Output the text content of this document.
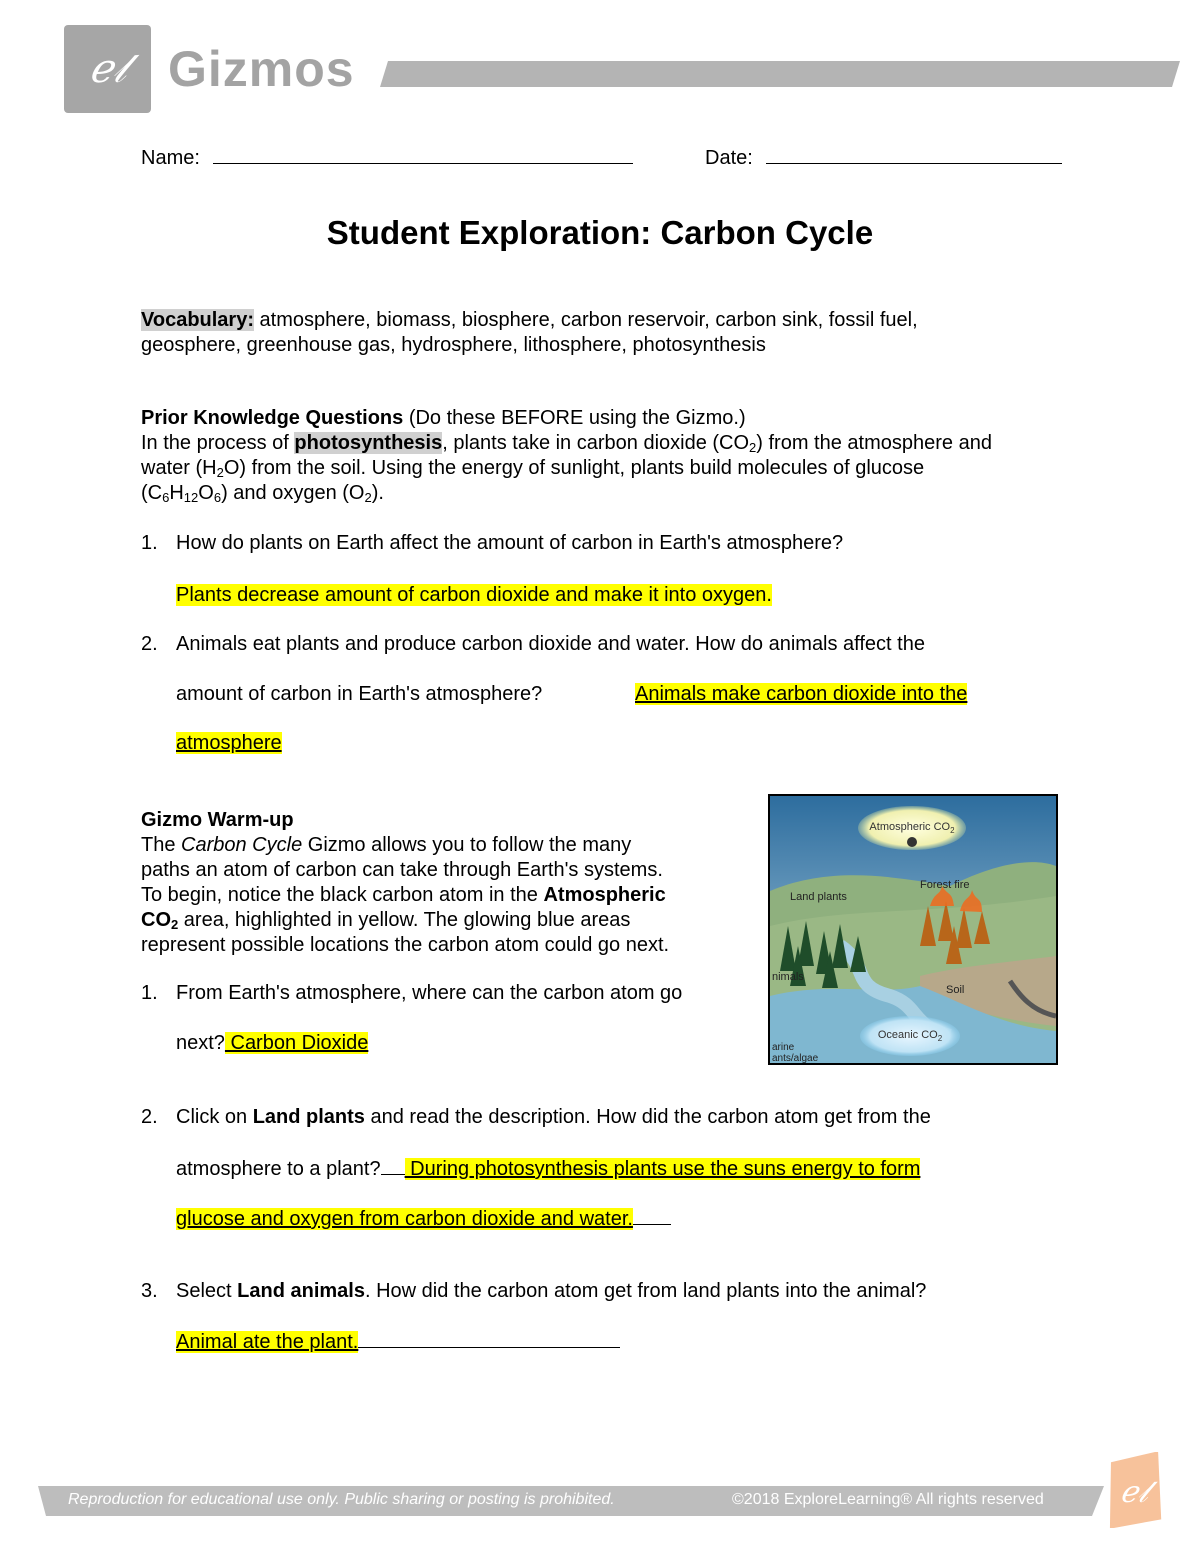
ℯ𝓁 Gizmos
Name:	Date:
Student Exploration: Carbon Cycle
Vocabulary: atmosphere, biomass, biosphere, carbon reservoir, carbon sink, fossil fuel,
geosphere, greenhouse gas, hydrosphere, lithosphere, photosynthesis
Prior Knowledge Questions (Do these BEFORE using the Gizmo.)
In the process of photosynthesis, plants take in carbon dioxide $(CO_2)$ from the atmosphere and
water $(H_2O)$ from the soil. Using the energy of sunlight, plants build molecules of glucose
$(C_6H_{12}O_6)$ and oxygen $(O_2)$.
1. How do plants on Earth affect the amount of carbon in Earth's atmosphere?
Plants decrease amount of carbon dioxide and make it into oxygen.
2. Animals eat plants and produce carbon dioxide and water. How do animals affect the
amount of carbon in Earth's atmosphere?	Animals make carbon dioxide into the
atmosphere
Gizmo Warm-up
The Carbon Cycle Gizmo allows you to follow the many
paths an atom of carbon can take through Earth's systems.
To begin, notice the black carbon atom in the Atmospheric
$CO_2$ area, highlighted in yellow. The glowing blue areas
represent possible locations the carbon atom could go next.
1. From Earth's atmosphere, where can the carbon atom go
next? Carbon Dioxide
Atmospheric $CO_2$
Forest fire
Land plants
nimals
Soil
Oceanic $CO_2$
arine
ants/algae
2. Click on Land plants and read the description. How did the carbon atom get from the
atmosphere to a plant? During photosynthesis plants use the suns energy to form
glucose and oxygen from carbon dioxide and water.
3. Select Land animals. How did the carbon atom get from land plants into the animal?
Animal ate the plant.
Reproduction for educational use only. Public sharing or posting is prohibited.	©2018 ExploreLearning® All rights reserved	ℯ𝓁
